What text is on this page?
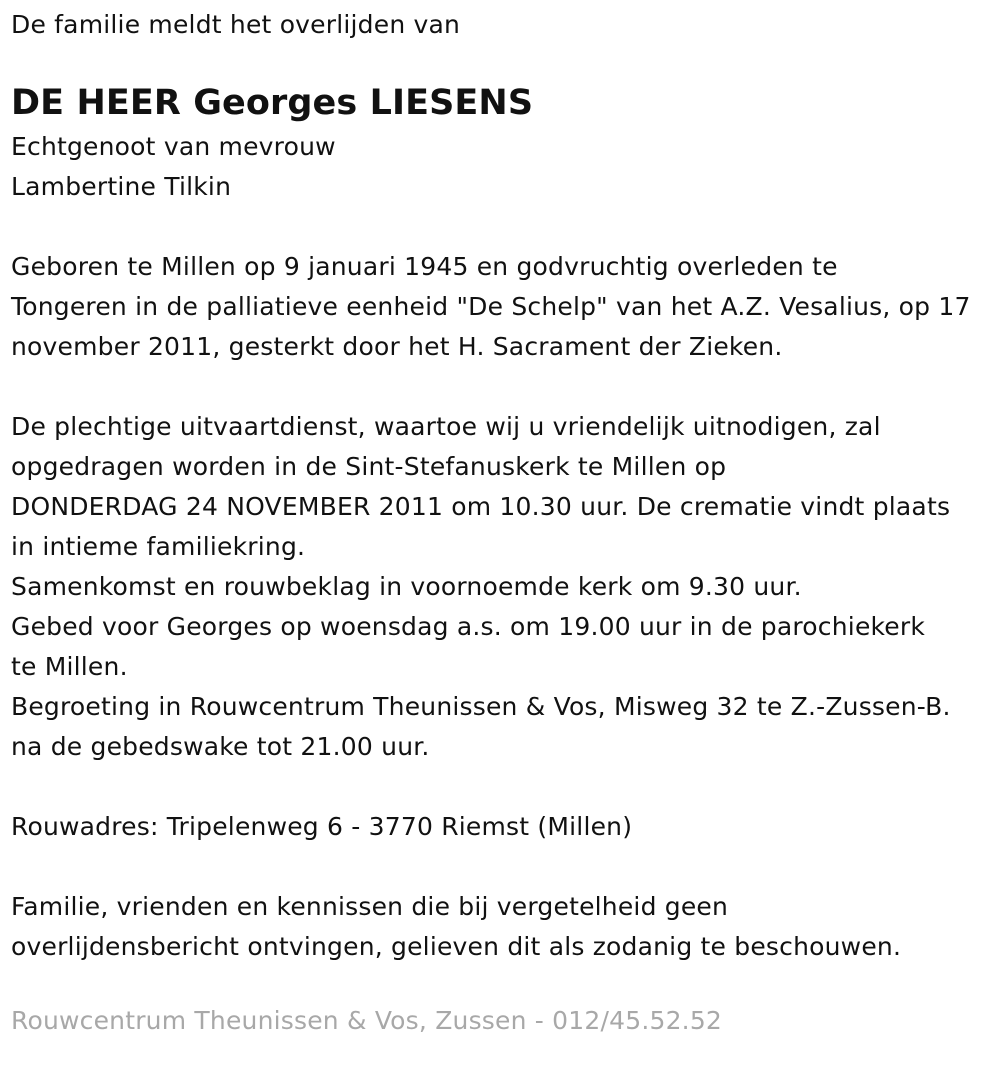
De familie meldt het overlijden van
DE HEER Georges LIESENS
Echtgenoot van mevrouw
Lambertine Tilkin
Geboren te Millen op 9 januari 1945 en godvruchtig overleden te
Tongeren in de palliatieve eenheid "De Schelp" van het A.Z. Vesalius, op 17
november 2011, gesterkt door het H. Sacrament der Zieken.
De plechtige uitvaartdienst, waartoe wij u vriendelijk uitnodigen, zal
opgedragen worden in de Sint-Stefanuskerk te Millen op
DONDERDAG 24 NOVEMBER 2011 om 10.30 uur. De crematie vindt plaats
in intieme familiekring.
Samenkomst en rouwbeklag in voornoemde kerk om 9.30 uur.
Gebed voor Georges op woensdag a.s. om 19.00 uur in de parochiekerk
te Millen.
Begroeting in Rouwcentrum Theunissen & Vos, Misweg 32 te Z.-Zussen-B.
na de gebedswake tot 21.00 uur.
Rouwadres: Tripelenweg 6 - 3770 Riemst (Millen)
Familie, vrienden en kennissen die bij vergetelheid geen
overlijdensbericht ontvingen, gelieven dit als zodanig te beschouwen.
Rouwcentrum Theunissen & Vos, Zussen - 012/45.52.52
